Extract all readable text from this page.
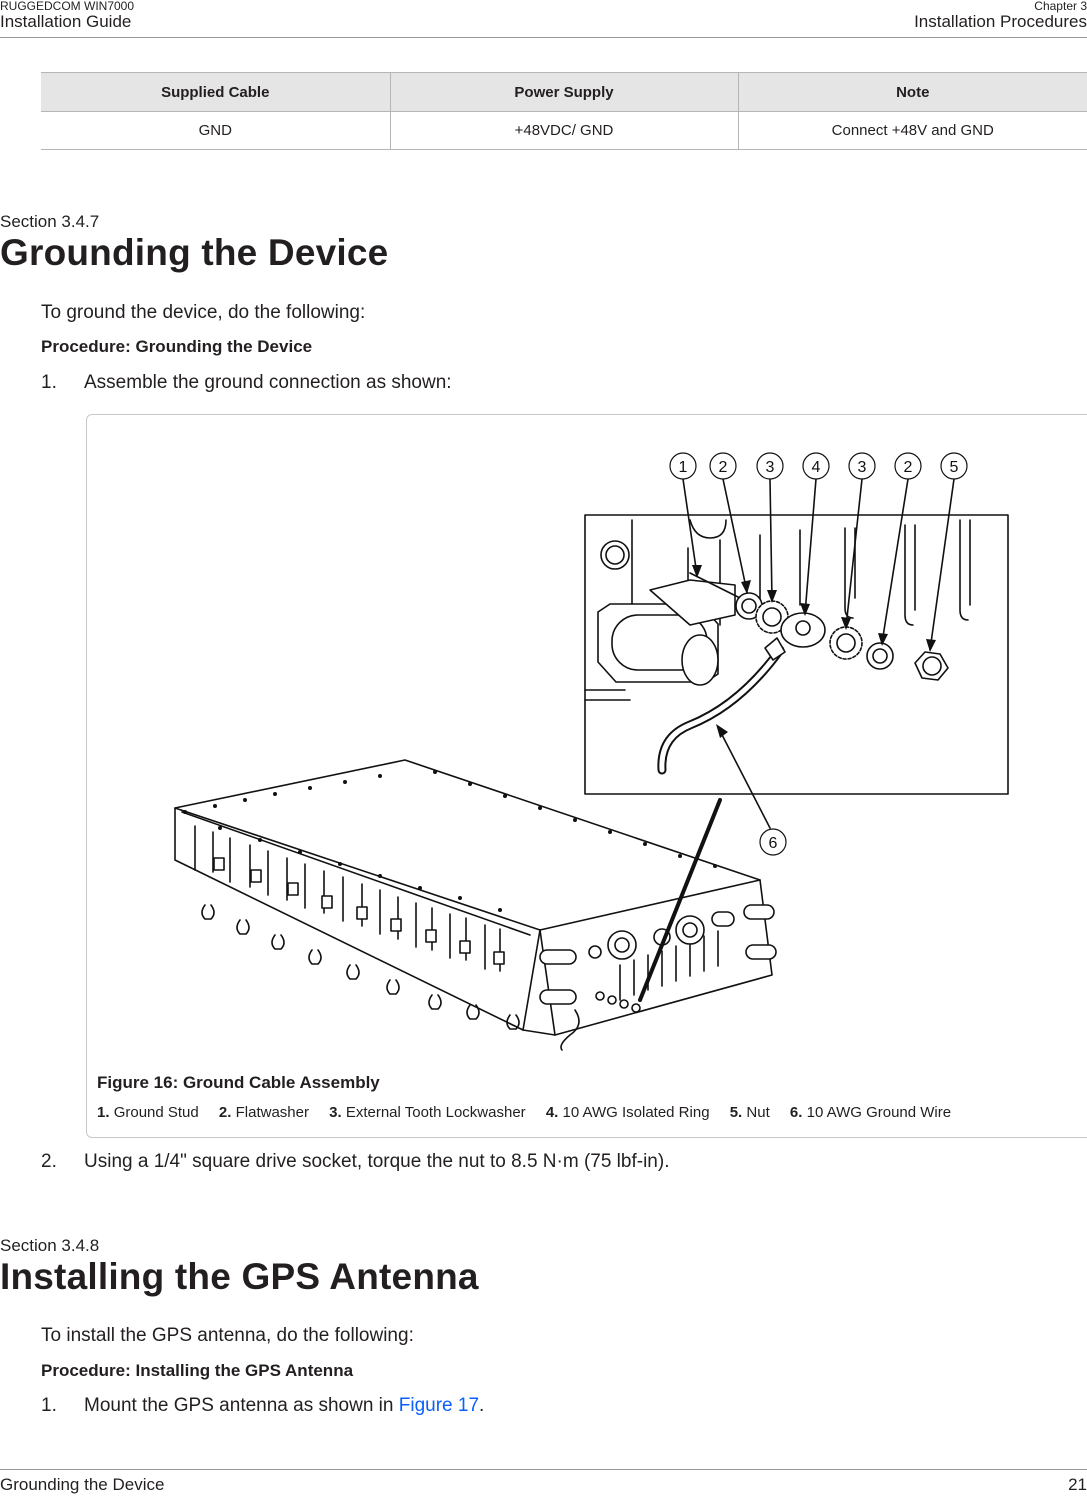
RUGGEDCOM WIN7000
Installation Guide
Chapter 3
Installation Procedures
Supplied Cable	Power Supply	Note
GND	+48VDC/ GND	Connect +48V and GND
Section 3.4.7
Grounding the Device
To ground the device, do the following:
Procedure: Grounding the Device
1. Assemble the ground connection as shown:
1 2 3 4 3 2 5
6
Figure 16: Ground Cable Assembly
1. Ground Stud 2. Flatwasher 3. External Tooth Lockwasher 4. 10 AWG Isolated Ring 5. Nut 6. 10 AWG Ground Wire
2. Using a 1/4" square drive socket, torque the nut to 8.5 N·m (75 lbf-in).
Section 3.4.8
Installing the GPS Antenna
To install the GPS antenna, do the following:
Procedure: Installing the GPS Antenna
1. Mount the GPS antenna as shown in Figure 17.
Grounding the Device	21
